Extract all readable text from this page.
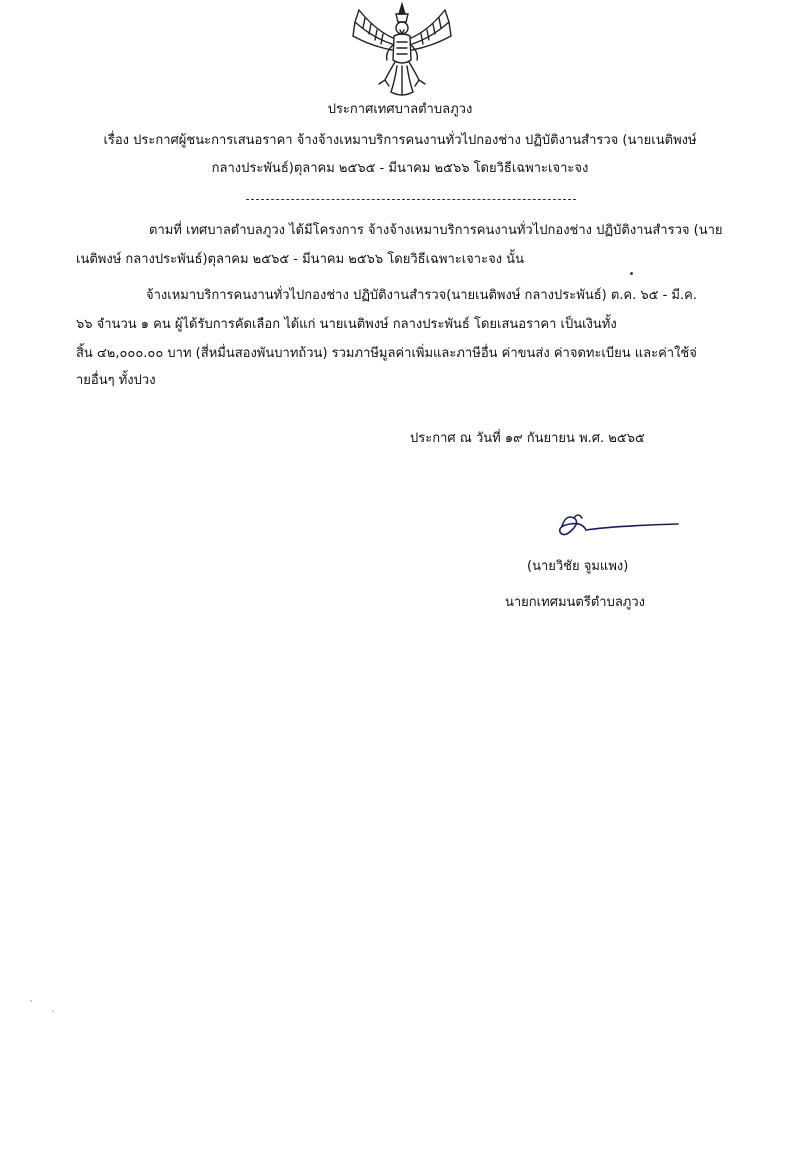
ประกาศเทศบาลตำบลภูวง
เรื่อง ประกาศผู้ชนะการเสนอราคา จ้างจ้างเหมาบริการคนงานทั่วไปกองช่าง ปฏิบัติงานสำรวจ (นายเนติพงษ์
กลางประพันธ์)ตุลาคม ๒๕๖๕ - มีนาคม ๒๕๖๖ โดยวิธีเฉพาะเจาะจง
ตามที่ เทศบาลตำบลภูวง ได้มีโครงการ จ้างจ้างเหมาบริการคนงานทั่วไปกองช่าง ปฏิบัติงานสำรวจ (นาย
เนติพงษ์ กลางประพันธ์)ตุลาคม ๒๕๖๕ - มีนาคม ๒๕๖๖ โดยวิธีเฉพาะเจาะจง นั้น
จ้างเหมาบริการคนงานทั่วไปกองช่าง ปฏิบัติงานสำรวจ(นายเนติพงษ์ กลางประพันธ์) ต.ค. ๖๕ - มี.ค.
๖๖ จำนวน ๑ คน ผู้ได้รับการคัดเลือก ได้แก่ นายเนติพงษ์ กลางประพันธ์ โดยเสนอราคา เป็นเงินทั้ง
สิ้น ๔๒,๐๐๐.๐๐ บาท (สี่หมื่นสองพันบาทถ้วน) รวมภาษีมูลค่าเพิ่มและภาษีอื่น ค่าขนส่ง ค่าจดทะเบียน และค่าใช้จ่
ายอื่นๆ ทั้งปวง
ประกาศ ณ วันที่ ๑๙ กันยายน พ.ศ. ๒๕๖๕
(นายวิชัย จูมแพง)
นายกเทศมนตรีตำบลภูวง
